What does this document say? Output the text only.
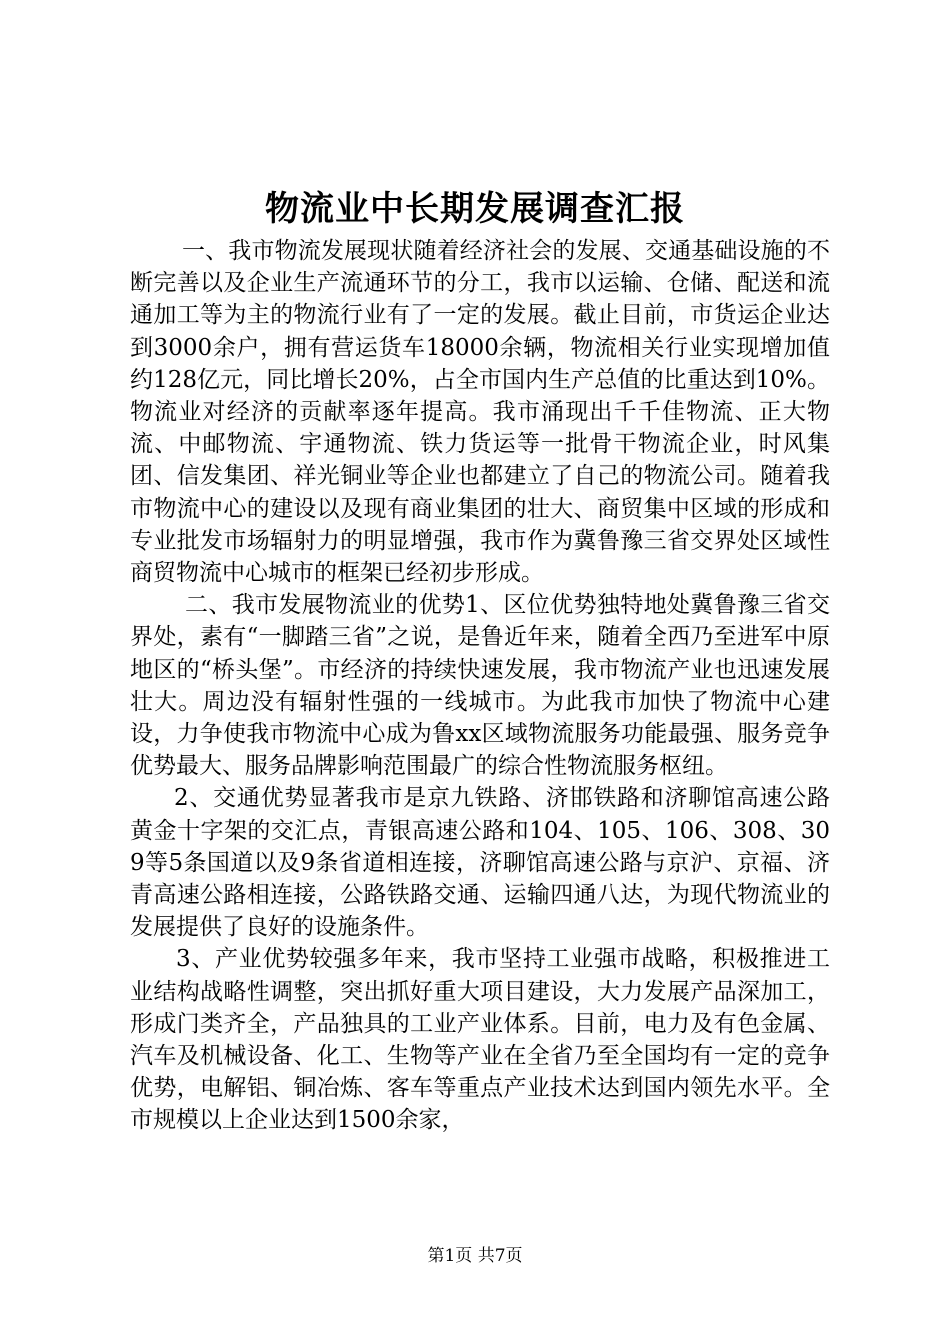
物流业中长期发展调查汇报

一、我市物流发展现状随着经济社会的发展、交通基础设施的不断完善以及企业生产流通环节的分工，我市以运输、仓储、配送和流通加工等为主的物流行业有了一定的发展。截止目前，市货运企业达到3000余户，拥有营运货车18000余辆，物流相关行业实现增加值约128亿元，同比增长20%，占全市国内生产总值的比重达到10%。物流业对经济的贡献率逐年提高。我市涌现出千千佳物流、正大物流、中邮物流、宇通物流、铁力货运等一批骨干物流企业，时风集团、信发集团、祥光铜业等企业也都建立了自己的物流公司。随着我市物流中心的建设以及现有商业集团的壮大、商贸集中区域的形成和专业批发市场辐射力的明显增强，我市作为冀鲁豫三省交界处区域性商贸物流中心城市的框架已经初步形成。

二、我市发展物流业的优势1、区位优势独特地处冀鲁豫三省交界处，素有“一脚踏三省”之说，是鲁近年来，随着全西乃至进军中原地区的“桥头堡”。市经济的持续快速发展，我市物流产业也迅速发展壮大。周边没有辐射性强的一线城市。为此我市加快了物流中心建设，力争使我市物流中心成为鲁xx区域物流服务功能最强、服务竞争优势最大、服务品牌影响范围最广的综合性物流服务枢纽。

2、交通优势显著我市是京九铁路、济邯铁路和济聊馆高速公路黄金十字架的交汇点，青银高速公路和104、105、106、308、309等5条国道以及9条省道相连接，济聊馆高速公路与京沪、京福、济青高速公路相连接，公路铁路交通、运输四通八达，为现代物流业的发展提供了良好的设施条件。

3、产业优势较强多年来，我市坚持工业强市战略，积极推进工业结构战略性调整，突出抓好重大项目建设，大力发展产品深加工，形成门类齐全，产品独具的工业产业体系。目前，电力及有色金属、汽车及机械设备、化工、生物等产业在全省乃至全国均有一定的竞争优势，电解铝、铜冶炼、客车等重点产业技术达到国内领先水平。全市规模以上企业达到1500余家，

第1页 共7页
